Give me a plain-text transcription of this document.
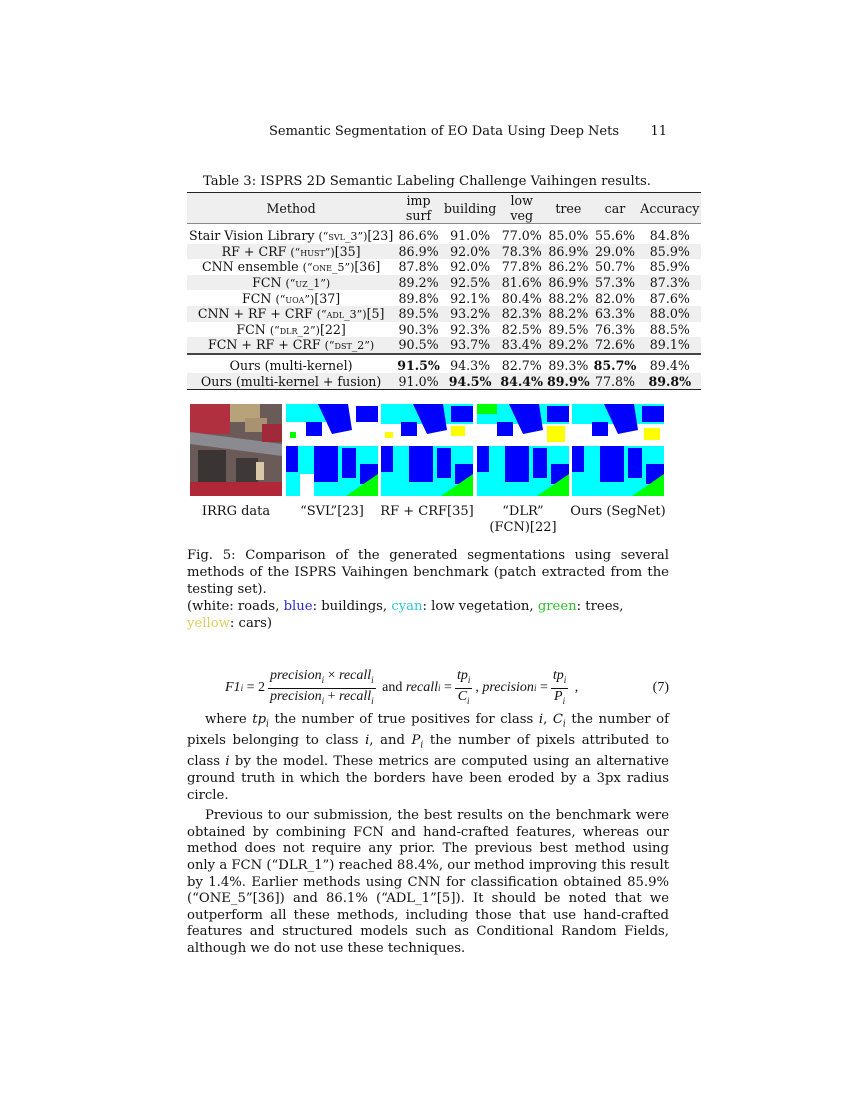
Semantic Segmentation of EO Data Using Deep Nets 11
Table 3: ISPRS 2D Semantic Labeling Challenge Vaihingen results.
Method	imp surf	building	low veg	tree	car	Accuracy
Stair Vision Library (“svl_3”)[23]	86.6%	91.0%	77.0%	85.0%	55.6%	84.8%
RF + CRF (“hust”)[35]	86.9%	92.0%	78.3%	86.9%	29.0%	85.9%
CNN ensemble (“one_5”)[36]	87.8%	92.0%	77.8%	86.2%	50.7%	85.9%
FCN (“uz_1”)	89.2%	92.5%	81.6%	86.9%	57.3%	87.3%
FCN (“uoa”)[37]	89.8%	92.1%	80.4%	88.2%	82.0%	87.6%
CNN + RF + CRF (“adl_3”)[5]	89.5%	93.2%	82.3%	88.2%	63.3%	88.0%
FCN (“dlr_2”)[22]	90.3%	92.3%	82.5%	89.5%	76.3%	88.5%
FCN + RF + CRF (“dst_2”)	90.5%	93.7%	83.4%	89.2%	72.6%	89.1%
Ours (multi-kernel)	91.5%	94.3%	82.7%	89.3%	85.7%	89.4%
Ours (multi-kernel + fusion)	91.0%	94.5%	84.4%	89.9%	77.8%	89.8%
IRRG data	“SVL”[23]	RF + CRF[35]	“DLR”
(FCN)[22]
Ours (SegNet)
Fig. 5: Comparison of the generated segmentations using several methods of the ISPRS Vaihingen benchmark (patch extracted from the testing set).
(white: roads, blue: buildings, cyan: low vegetation, green: trees, yellow: cars)
F1 $i = 2 \frac{precision_i \times recall_i}{precision_i + recall_i}$ and recall $i = \frac{tp_i}{C_i}$ , precision $i = \frac{tp_i}{P_i}$ ,	(7)

where $tp_i$ the number of true positives for class i, $C_i$ the number of pixels belonging to class i, and $P_i$ the number of pixels attributed to class i by the model. These metrics are computed using an alternative ground truth in which the borders have been eroded by a 3px radius circle.

Previous to our submission, the best results on the benchmark were obtained by combining FCN and hand-crafted features, whereas our method does not require any prior. The previous best method using only a FCN (“DLR_1”) reached 88.4%, our method improving this result by 1.4%. Earlier methods using CNN for classification obtained 85.9% (“ONE_5”[36]) and 86.1% (“ADL_1”[5]). It should be noted that we outperform all these methods, including those that use hand-crafted features and structured models such as Conditional Random Fields, although we do not use these techniques.
